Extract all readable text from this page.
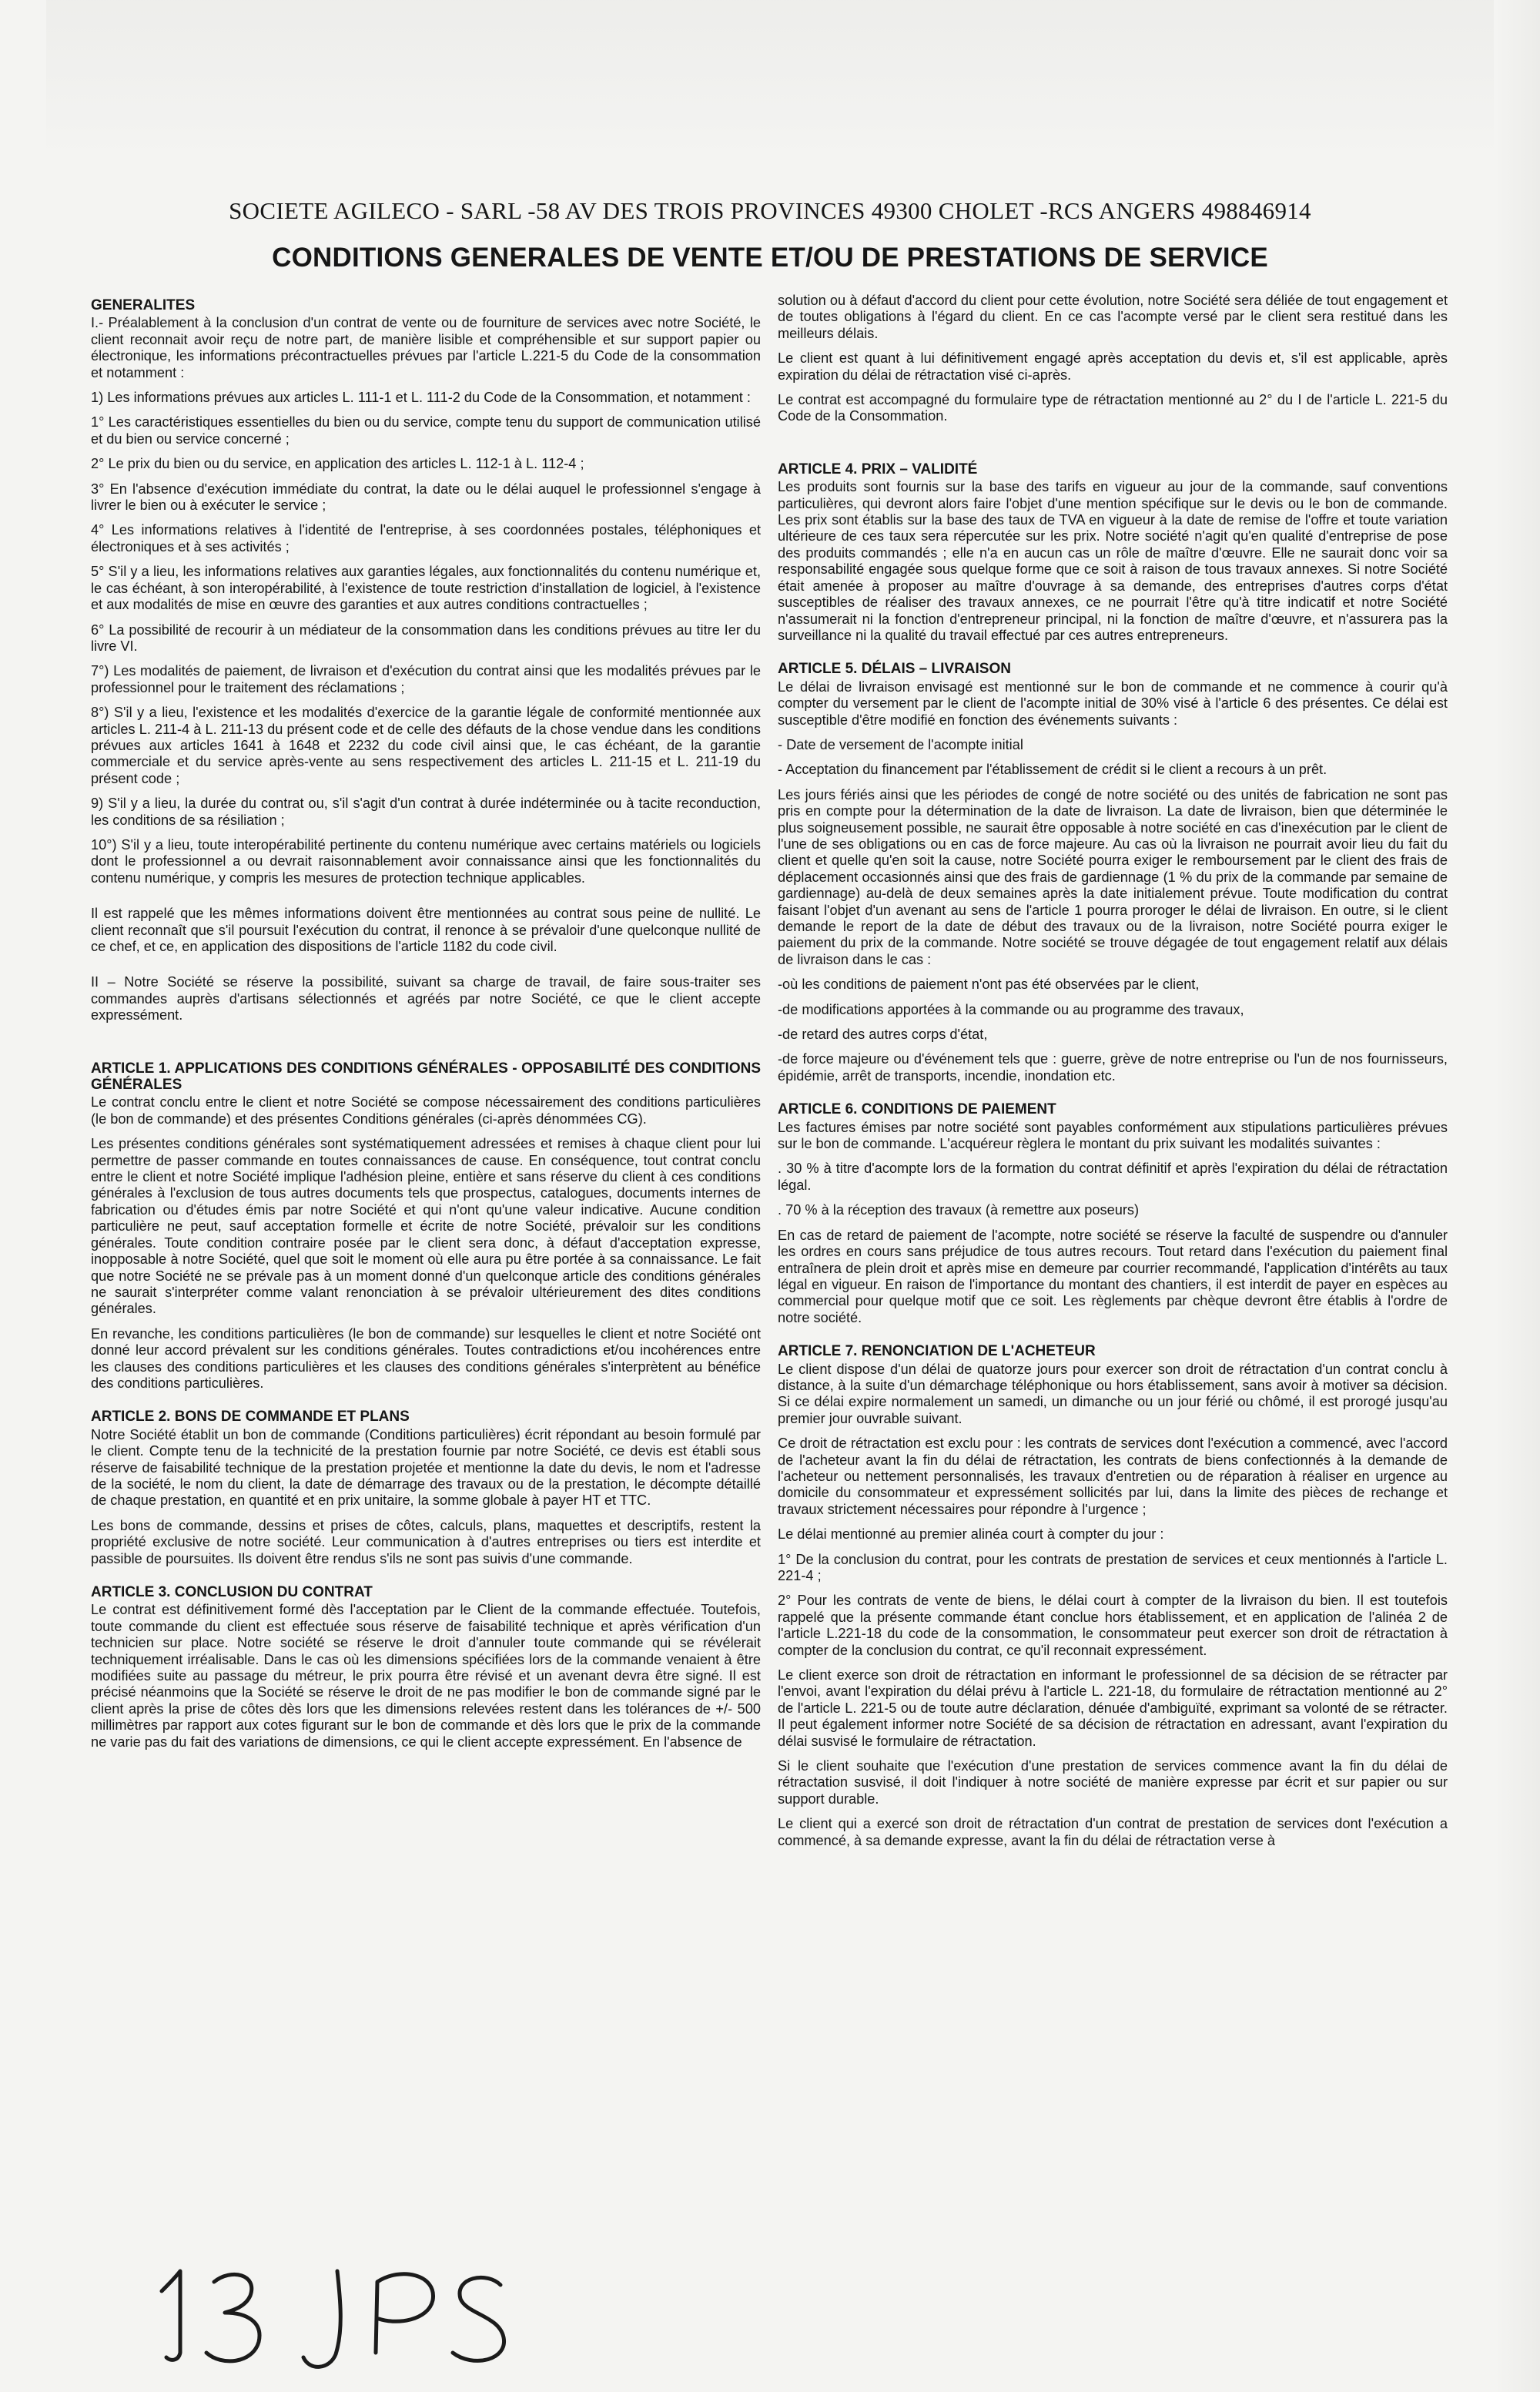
SOCIETE AGILECO - SARL -58 AV DES TROIS PROVINCES 49300 CHOLET -RCS ANGERS 498846914
CONDITIONS GENERALES DE VENTE ET/OU DE PRESTATIONS DE SERVICE
GENERALITES

I.- Préalablement à la conclusion d'un contrat de vente ou de fourniture de services avec notre Société, le client reconnait avoir reçu de notre part, de manière lisible et compréhensible et sur support papier ou électronique, les informations précontractuelles prévues par l'article L.221-5 du Code de la consommation et notamment :

1) Les informations prévues aux articles L. 111-1 et L. 111-2 du Code de la Consommation, et notamment :

1° Les caractéristiques essentielles du bien ou du service, compte tenu du support de communication utilisé et du bien ou service concerné ;

2° Le prix du bien ou du service, en application des articles L. 112-1 à L. 112-4 ;

3° En l'absence d'exécution immédiate du contrat, la date ou le délai auquel le professionnel s'engage à livrer le bien ou à exécuter le service ;

4° Les informations relatives à l'identité de l'entreprise, à ses coordonnées postales, téléphoniques et électroniques et à ses activités ;

5° S'il y a lieu, les informations relatives aux garanties légales, aux fonctionnalités du contenu numérique et, le cas échéant, à son interopérabilité, à l'existence de toute restriction d'installation de logiciel, à l'existence et aux modalités de mise en œuvre des garanties et aux autres conditions contractuelles ;

6° La possibilité de recourir à un médiateur de la consommation dans les conditions prévues au titre Ier du livre VI.

7°) Les modalités de paiement, de livraison et d'exécution du contrat ainsi que les modalités prévues par le professionnel pour le traitement des réclamations ;

8°) S'il y a lieu, l'existence et les modalités d'exercice de la garantie légale de conformité mentionnée aux articles L. 211-4 à L. 211-13 du présent code et de celle des défauts de la chose vendue dans les conditions prévues aux articles 1641 à 1648 et 2232 du code civil ainsi que, le cas échéant, de la garantie commerciale et du service après-vente au sens respectivement des articles L. 211-15 et L. 211-19 du présent code ;

9) S'il y a lieu, la durée du contrat ou, s'il s'agit d'un contrat à durée indéterminée ou à tacite reconduction, les conditions de sa résiliation ;

10°) S'il y a lieu, toute interopérabilité pertinente du contenu numérique avec certains matériels ou logiciels dont le professionnel a ou devrait raisonnablement avoir connaissance ainsi que les fonctionnalités du contenu numérique, y compris les mesures de protection technique applicables.

Il est rappelé que les mêmes informations doivent être mentionnées au contrat sous peine de nullité. Le client reconnaît que s'il poursuit l'exécution du contrat, il renonce à se prévaloir d'une quelconque nullité de ce chef, et ce, en application des dispositions de l'article 1182 du code civil.

II – Notre Société se réserve la possibilité, suivant sa charge de travail, de faire sous-traiter ses commandes auprès d'artisans sélectionnés et agréés par notre Société, ce que le client accepte expressément.

ARTICLE 1. APPLICATIONS DES CONDITIONS GÉNÉRALES - OPPOSABILITÉ DES CONDITIONS GÉNÉRALES

Le contrat conclu entre le client et notre Société se compose nécessairement des conditions particulières (le bon de commande) et des présentes Conditions générales (ci-après dénommées CG).

Les présentes conditions générales sont systématiquement adressées et remises à chaque client pour lui permettre de passer commande en toutes connaissances de cause. En conséquence, tout contrat conclu entre le client et notre Société implique l'adhésion pleine, entière et sans réserve du client à ces conditions générales à l'exclusion de tous autres documents tels que prospectus, catalogues, documents internes de fabrication ou d'études émis par notre Société et qui n'ont qu'une valeur indicative. Aucune condition particulière ne peut, sauf acceptation formelle et écrite de notre Société, prévaloir sur les conditions générales. Toute condition contraire posée par le client sera donc, à défaut d'acceptation expresse, inopposable à notre Société, quel que soit le moment où elle aura pu être portée à sa connaissance. Le fait que notre Société ne se prévale pas à un moment donné d'un quelconque article des conditions générales ne saurait s'interpréter comme valant renonciation à se prévaloir ultérieurement des dites conditions générales.

En revanche, les conditions particulières (le bon de commande) sur lesquelles le client et notre Société ont donné leur accord prévalent sur les conditions générales. Toutes contradictions et/ou incohérences entre les clauses des conditions particulières et les clauses des conditions générales s'interprètent au bénéfice des conditions particulières.

ARTICLE 2. BONS DE COMMANDE ET PLANS

Notre Société établit un bon de commande (Conditions particulières) écrit répondant au besoin formulé par le client. Compte tenu de la technicité de la prestation fournie par notre Société, ce devis est établi sous réserve de faisabilité technique de la prestation projetée et mentionne la date du devis, le nom et l'adresse de la société, le nom du client, la date de démarrage des travaux ou de la prestation, le décompte détaillé de chaque prestation, en quantité et en prix unitaire, la somme globale à payer HT et TTC.

Les bons de commande, dessins et prises de côtes, calculs, plans, maquettes et descriptifs, restent la propriété exclusive de notre société. Leur communication à d'autres entreprises ou tiers est interdite et passible de poursuites. Ils doivent être rendus s'ils ne sont pas suivis d'une commande.

ARTICLE 3. CONCLUSION DU CONTRAT

Le contrat est définitivement formé dès l'acceptation par le Client de la commande effectuée. Toutefois, toute commande du client est effectuée sous réserve de faisabilité technique et après vérification d'un technicien sur place. Notre société se réserve le droit d'annuler toute commande qui se révélerait techniquement irréalisable. Dans le cas où les dimensions spécifiées lors de la commande venaient à être modifiées suite au passage du métreur, le prix pourra être révisé et un avenant devra être signé. Il est précisé néanmoins que la Société se réserve le droit de ne pas modifier le bon de commande signé par le client après la prise de côtes dès lors que les dimensions relevées restent dans les tolérances de +/- 500 millimètres par rapport aux cotes figurant sur le bon de commande et dès lors que le prix de la commande ne varie pas du fait des variations de dimensions, ce qui le client accepte expressément. En l'absence de

solution ou à défaut d'accord du client pour cette évolution, notre Société sera déliée de tout engagement et de toutes obligations à l'égard du client. En ce cas l'acompte versé par le client sera restitué dans les meilleurs délais.

Le client est quant à lui définitivement engagé après acceptation du devis et, s'il est applicable, après expiration du délai de rétractation visé ci-après.

Le contrat est accompagné du formulaire type de rétractation mentionné au 2° du I de l'article L. 221-5 du Code de la Consommation.

ARTICLE 4. PRIX – VALIDITÉ

Les produits sont fournis sur la base des tarifs en vigueur au jour de la commande, sauf conventions particulières, qui devront alors faire l'objet d'une mention spécifique sur le devis ou le bon de commande. Les prix sont établis sur la base des taux de TVA en vigueur à la date de remise de l'offre et toute variation ultérieure de ces taux sera répercutée sur les prix. Notre société n'agit qu'en qualité d'entreprise de pose des produits commandés ; elle n'a en aucun cas un rôle de maître d'œuvre. Elle ne saurait donc voir sa responsabilité engagée sous quelque forme que ce soit à raison de tous travaux annexes. Si notre Société était amenée à proposer au maître d'ouvrage à sa demande, des entreprises d'autres corps d'état susceptibles de réaliser des travaux annexes, ce ne pourrait l'être qu'à titre indicatif et notre Société n'assumerait ni la fonction d'entrepreneur principal, ni la fonction de maître d'œuvre, et n'assurera pas la surveillance ni la qualité du travail effectué par ces autres entrepreneurs.

ARTICLE 5. DÉLAIS – LIVRAISON

Le délai de livraison envisagé est mentionné sur le bon de commande et ne commence à courir qu'à compter du versement par le client de l'acompte initial de 30% visé à l'article 6 des présentes. Ce délai est susceptible d'être modifié en fonction des événements suivants :

- Date de versement de l'acompte initial

- Acceptation du financement par l'établissement de crédit si le client a recours à un prêt.

Les jours fériés ainsi que les périodes de congé de notre société ou des unités de fabrication ne sont pas pris en compte pour la détermination de la date de livraison. La date de livraison, bien que déterminée le plus soigneusement possible, ne saurait être opposable à notre société en cas d'inexécution par le client de l'une de ses obligations ou en cas de force majeure. Au cas où la livraison ne pourrait avoir lieu du fait du client et quelle qu'en soit la cause, notre Société pourra exiger le remboursement par le client des frais de déplacement occasionnés ainsi que des frais de gardiennage (1 % du prix de la commande par semaine de gardiennage) au-delà de deux semaines après la date initialement prévue. Toute modification du contrat faisant l'objet d'un avenant au sens de l'article 1 pourra proroger le délai de livraison. En outre, si le client demande le report de la date de début des travaux ou de la livraison, notre Société pourra exiger le paiement du prix de la commande. Notre société se trouve dégagée de tout engagement relatif aux délais de livraison dans le cas :

-où les conditions de paiement n'ont pas été observées par le client,

-de modifications apportées à la commande ou au programme des travaux,

-de retard des autres corps d'état,

-de force majeure ou d'événement tels que : guerre, grève de notre entreprise ou l'un de nos fournisseurs, épidémie, arrêt de transports, incendie, inondation etc.

ARTICLE 6. CONDITIONS DE PAIEMENT

Les factures émises par notre société sont payables conformément aux stipulations particulières prévues sur le bon de commande. L'acquéreur règlera le montant du prix suivant les modalités suivantes :

. 30 % à titre d'acompte lors de la formation du contrat définitif et après l'expiration du délai de rétractation légal.

. 70 % à la réception des travaux (à remettre aux poseurs)

En cas de retard de paiement de l'acompte, notre société se réserve la faculté de suspendre ou d'annuler les ordres en cours sans préjudice de tous autres recours. Tout retard dans l'exécution du paiement final entraînera de plein droit et après mise en demeure par courrier recommandé, l'application d'intérêts au taux légal en vigueur. En raison de l'importance du montant des chantiers, il est interdit de payer en espèces au commercial pour quelque motif que ce soit. Les règlements par chèque devront être établis à l'ordre de notre société.

ARTICLE 7. RENONCIATION DE L'ACHETEUR

Le client dispose d'un délai de quatorze jours pour exercer son droit de rétractation d'un contrat conclu à distance, à la suite d'un démarchage téléphonique ou hors établissement, sans avoir à motiver sa décision. Si ce délai expire normalement un samedi, un dimanche ou un jour férié ou chômé, il est prorogé jusqu'au premier jour ouvrable suivant.

Ce droit de rétractation est exclu pour : les contrats de services dont l'exécution a commencé, avec l'accord de l'acheteur avant la fin du délai de rétractation, les contrats de biens confectionnés à la demande de l'acheteur ou nettement personnalisés, les travaux d'entretien ou de réparation à réaliser en urgence au domicile du consommateur et expressément sollicités par lui, dans la limite des pièces de rechange et travaux strictement nécessaires pour répondre à l'urgence ;

Le délai mentionné au premier alinéa court à compter du jour :

1° De la conclusion du contrat, pour les contrats de prestation de services et ceux mentionnés à l'article L. 221-4 ;

2° Pour les contrats de vente de biens, le délai court à compter de la livraison du bien. Il est toutefois rappelé que la présente commande étant conclue hors établissement, et en application de l'alinéa 2 de l'article L.221-18 du code de la consommation, le consommateur peut exercer son droit de rétractation à compter de la conclusion du contrat, ce qu'il reconnait expressément.

Le client exerce son droit de rétractation en informant le professionnel de sa décision de se rétracter par l'envoi, avant l'expiration du délai prévu à l'article L. 221-18, du formulaire de rétractation mentionné au 2° de l'article L. 221-5 ou de toute autre déclaration, dénuée d'ambiguïté, exprimant sa volonté de se rétracter. Il peut également informer notre Société de sa décision de rétractation en adressant, avant l'expiration du délai susvisé le formulaire de rétractation.

Si le client souhaite que l'exécution d'une prestation de services commence avant la fin du délai de rétractation susvisé, il doit l'indiquer à notre société de manière expresse par écrit et sur papier ou sur support durable.

Le client qui a exercé son droit de rétractation d'un contrat de prestation de services dont l'exécution a commencé, à sa demande expresse, avant la fin du délai de rétractation verse à
